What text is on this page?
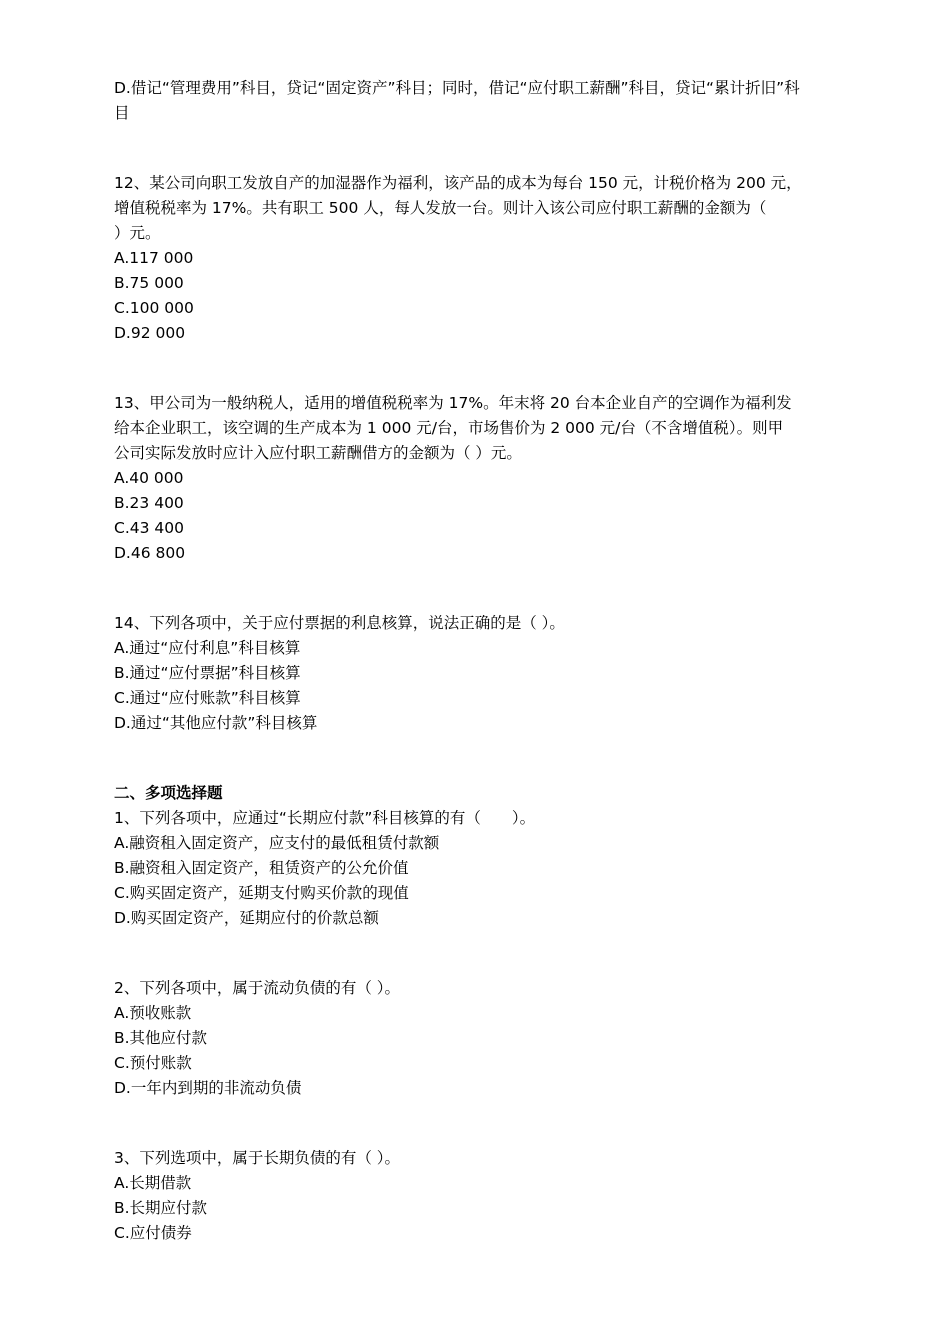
D.借记“管理费用”科目，贷记“固定资产”科目；同时，借记“应付职工薪酬”科目，贷记“累计折旧”科

目

12、某公司向职工发放自产的加湿器作为福利，该产品的成本为每台 150 元，计税价格为 200 元，

增值税税率为 17%。共有职工 500 人，每人发放一台。则计入该公司应付职工薪酬的金额为（

）元。

A.117 000

B.75 000

C.100 000

D.92 000

13、甲公司为一般纳税人，适用的增值税税率为 17%。年末将 20 台本企业自产的空调作为福利发

给本企业职工，该空调的生产成本为 1 000 元/台，市场售价为 2 000 元/台（不含增值税）。则甲

公司实际发放时应计入应付职工薪酬借方的金额为（ ）元。

A.40 000

B.23 400

C.43 400

D.46 800

14、下列各项中，关于应付票据的利息核算，说法正确的是（ ）。

A.通过“应付利息”科目核算

B.通过“应付票据”科目核算

C.通过“应付账款”科目核算

D.通过“其他应付款”科目核算

二、多项选择题

1、下列各项中，应通过“长期应付款”科目核算的有（　　）。

A.融资租入固定资产，应支付的最低租赁付款额

B.融资租入固定资产，租赁资产的公允价值

C.购买固定资产，延期支付购买价款的现值

D.购买固定资产，延期应付的价款总额

2、下列各项中，属于流动负债的有（ ）。

A.预收账款

B.其他应付款

C.预付账款

D.一年内到期的非流动负债

3、下列选项中，属于长期负债的有（ ）。

A.长期借款

B.长期应付款

C.应付债券
